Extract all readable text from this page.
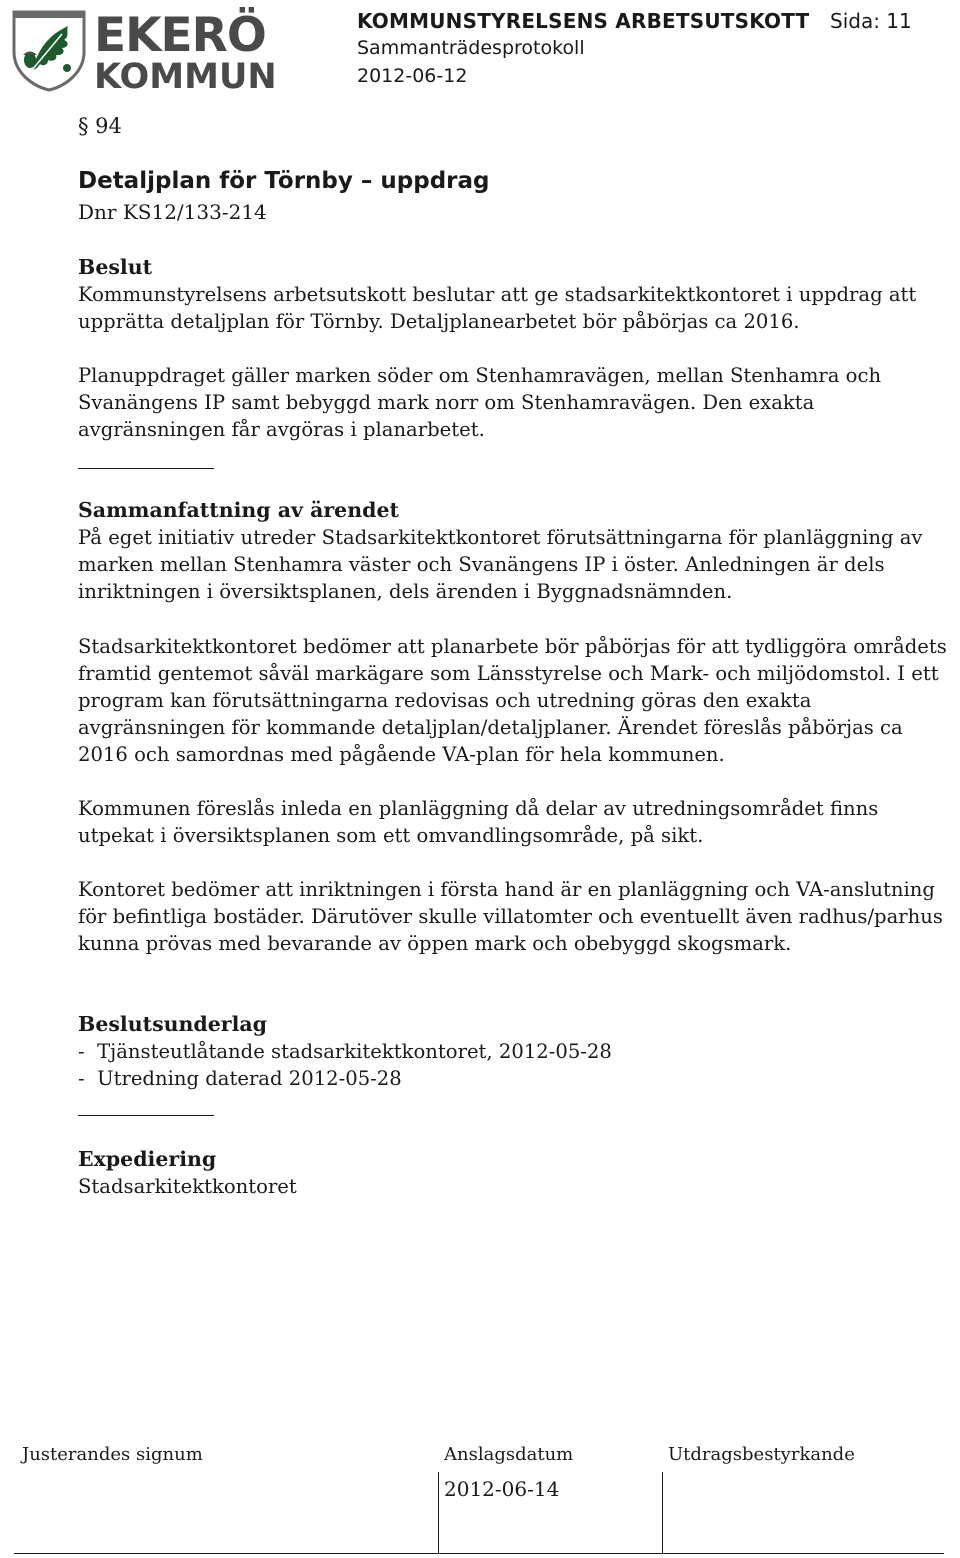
EKERÖ
KOMMUN
KOMMUNSTYRELSENS ARBETSUTSKOTT Sida: 11
Sammanträdesprotokoll
2012-06-12
§ 94
Detaljplan för Törnby – uppdrag
Dnr KS12/133-214

Beslut

Kommunstyrelsens arbetsutskott beslutar att ge stadsarkitektkontoret i uppdrag att upprätta detaljplan för Törnby. Detaljplanearbetet bör påbörjas ca 2016.

Planuppdraget gäller marken söder om Stenhamravägen, mellan Stenhamra och Svanängens IP samt bebyggd mark norr om Stenhamravägen. Den exakta avgränsningen får avgöras i planarbetet.

Sammanfattning av ärendet

På eget initiativ utreder Stadsarkitektkontoret förutsättningarna för planläggning av marken mellan Stenhamra väster och Svanängens IP i öster. Anledningen är dels inriktningen i översiktsplanen, dels ärenden i Byggnadsnämnden.

Stadsarkitektkontoret bedömer att planarbete bör påbörjas för att tydliggöra områdets framtid gentemot såväl markägare som Länsstyrelse och Mark- och miljödomstol. I ett program kan förutsättningarna redovisas och utredning göras den exakta avgränsningen för kommande detaljplan/detaljplaner. Ärendet föreslås påbörjas ca 2016 och samordnas med pågående VA-plan för hela kommunen.

Kommunen föreslås inleda en planläggning då delar av utredningsområdet finns utpekat i översiktsplanen som ett omvandlingsområde, på sikt.

Kontoret bedömer att inriktningen i första hand är en planläggning och VA-anslutning för befintliga bostäder. Därutöver skulle villatomter och eventuellt även radhus/parhus kunna prövas med bevarande av öppen mark och obebyggd skogsmark.

Beslutsunderlag

-  Tjänsteutlåtande stadsarkitektkontoret, 2012-05-28
-  Utredning daterad 2012-05-28

Expediering

Stadsarkitektkontoret

Justerandes signum	Anslagsdatum	Utdragsbestyrkande
2012-06-14
